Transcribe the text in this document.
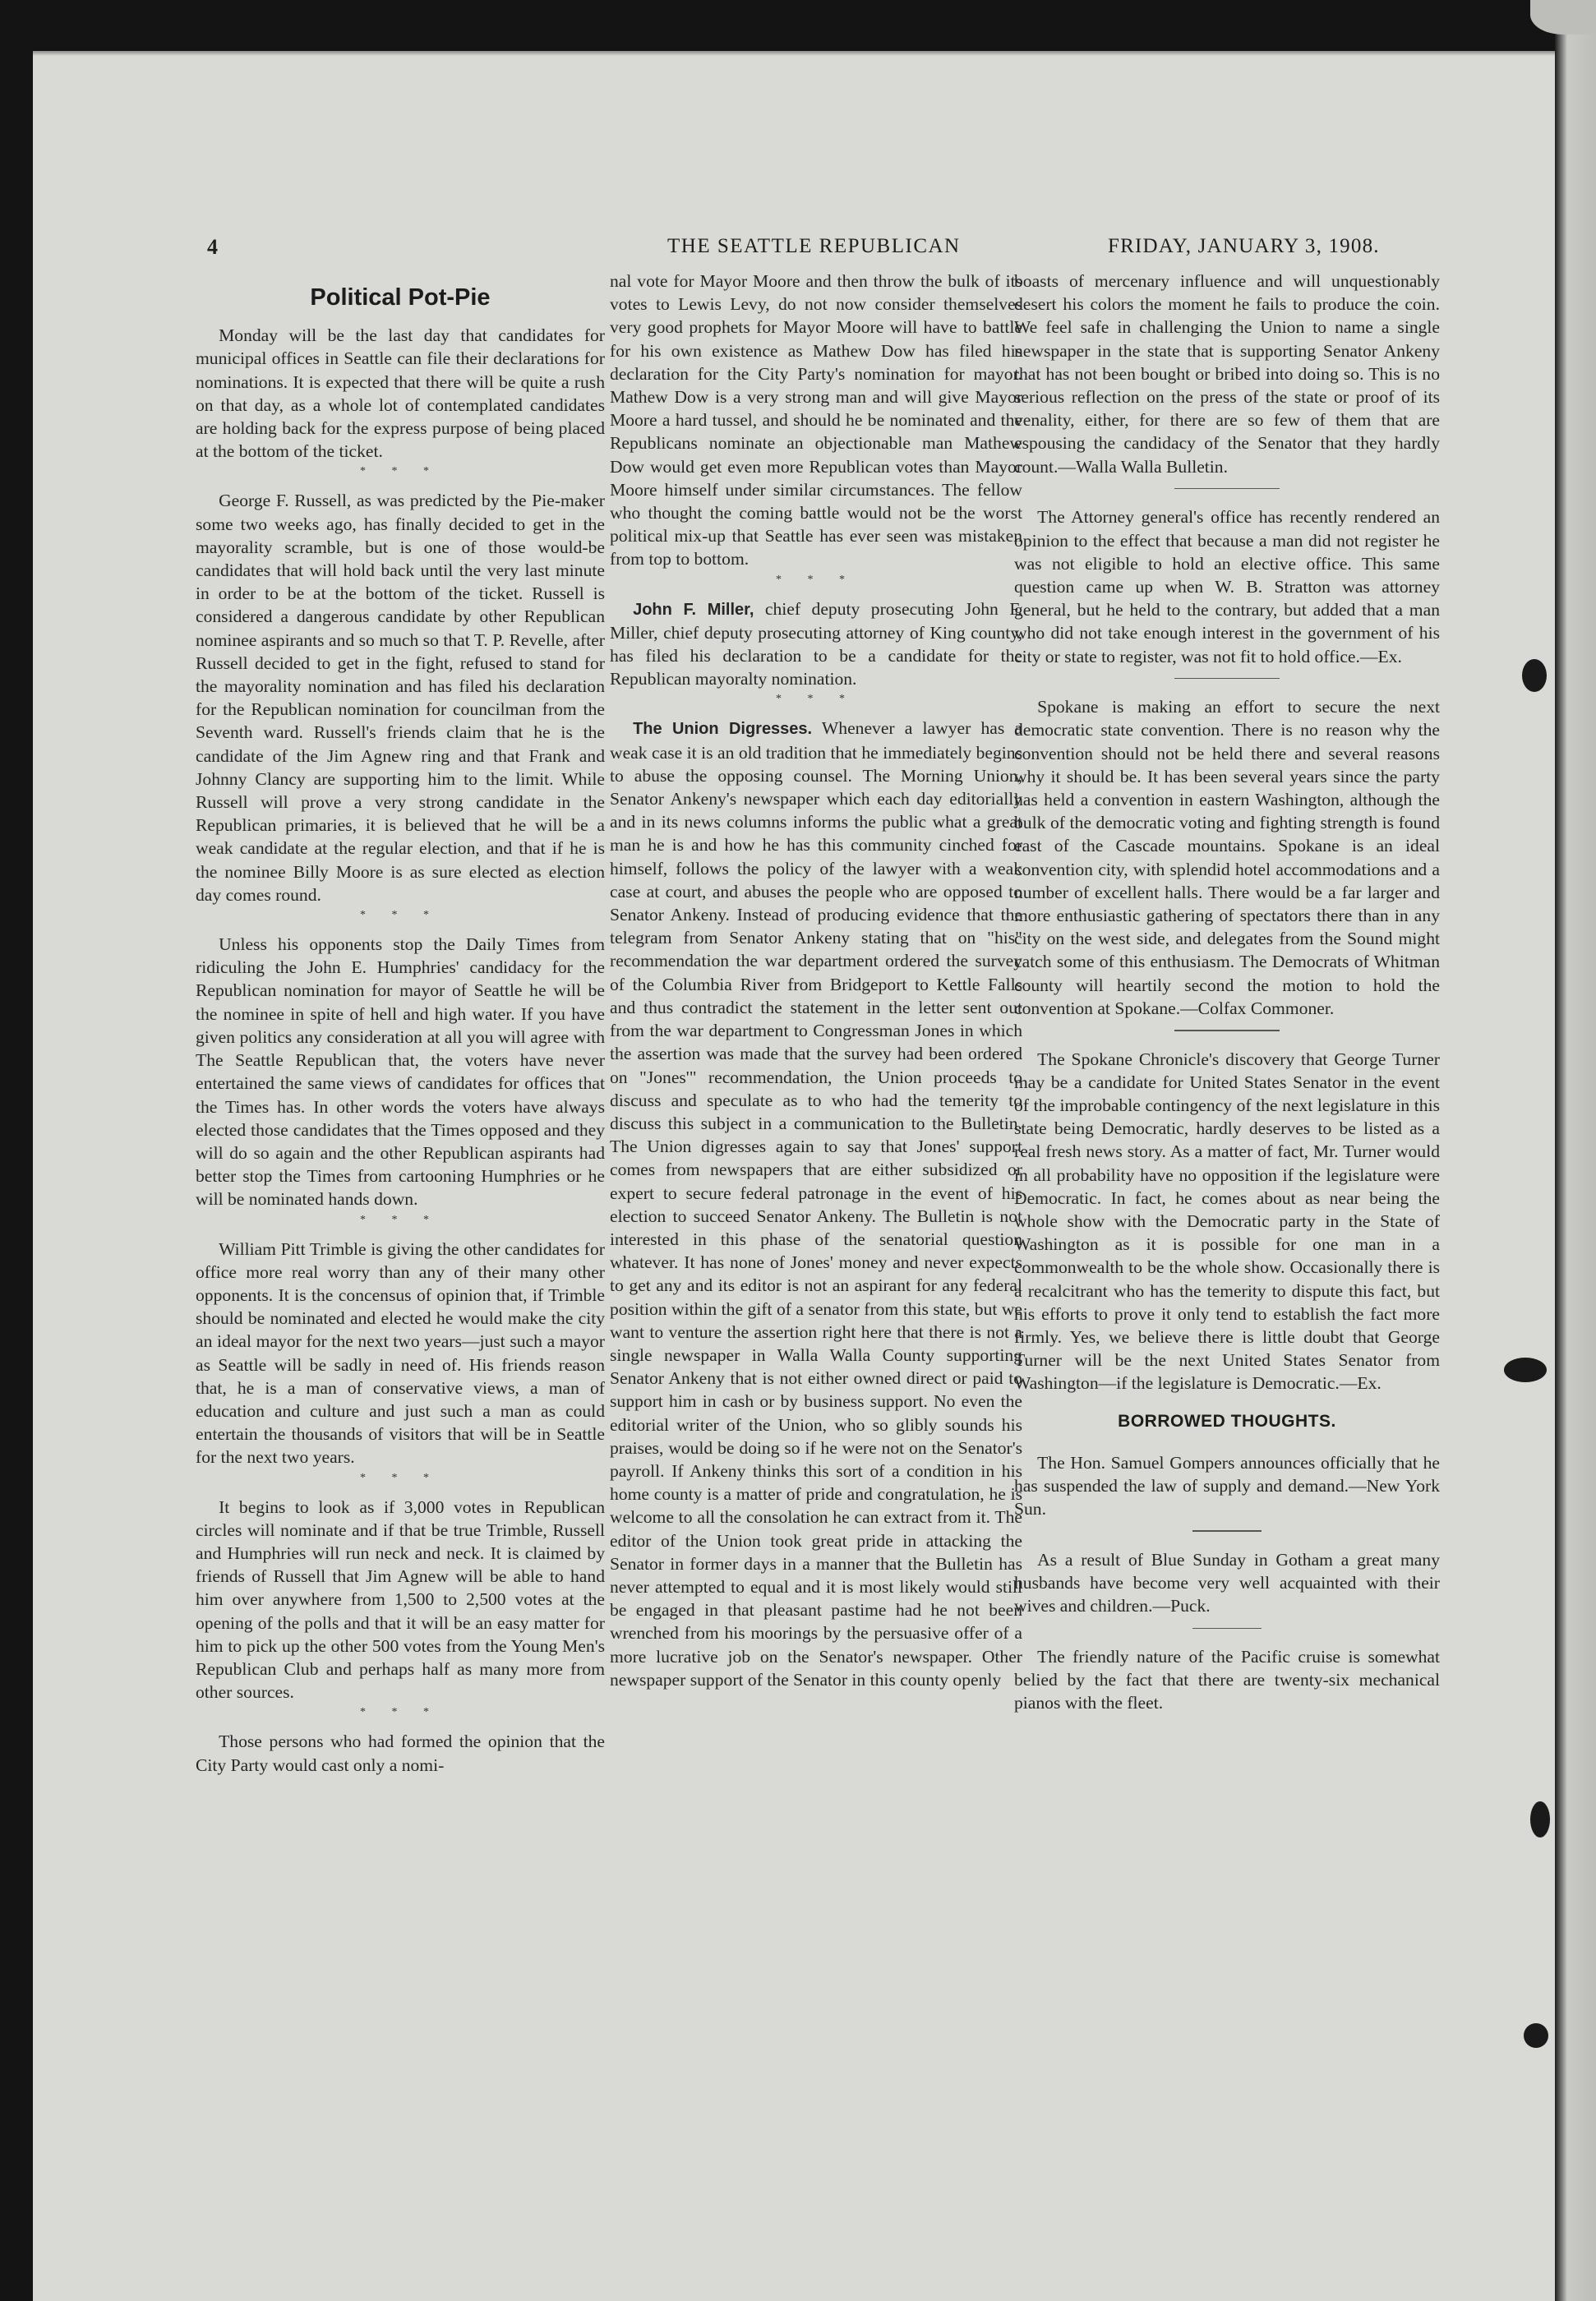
4	THE SEATTLE REPUBLICAN	FRIDAY, JANUARY 3, 1908.
Political Pot-Pie

Monday will be the last day that candidates for municipal offices in Seattle can file their declarations for nominations. It is expected that there will be quite a rush on that day, as a whole lot of contemplated candidates are holding back for the express purpose of being placed at the bottom of the ticket.

* * *

George F. Russell, as was predicted by the Pie-maker some two weeks ago, has finally decided to get in the mayorality scramble, but is one of those would-be candidates that will hold back until the very last minute in order to be at the bottom of the ticket. Russell is considered a dangerous candidate by other Republican nominee aspirants and so much so that T. P. Revelle, after Russell decided to get in the fight, refused to stand for the mayorality nomination and has filed his declaration for the Republican nomination for councilman from the Seventh ward. Russell's friends claim that he is the candidate of the Jim Agnew ring and that Frank and Johnny Clancy are supporting him to the limit. While Russell will prove a very strong candidate in the Republican primaries, it is believed that he will be a weak candidate at the regular election, and that if he is the nominee Billy Moore is as sure elected as election day comes round.

* * *

Unless his opponents stop the Daily Times from ridiculing the John E. Humphries' candidacy for the Republican nomination for mayor of Seattle he will be the nominee in spite of hell and high water. If you have given politics any consideration at all you will agree with The Seattle Republican that, the voters have never entertained the same views of candidates for offices that the Times has. In other words the voters have always elected those candidates that the Times opposed and they will do so again and the other Republican aspirants had better stop the Times from cartooning Humphries or he will be nominated hands down.

* * *

William Pitt Trimble is giving the other candidates for office more real worry than any of their many other opponents. It is the concensus of opinion that, if Trimble should be nominated and elected he would make the city an ideal mayor for the next two years—just such a mayor as Seattle will be sadly in need of. His friends reason that, he is a man of conservative views, a man of education and culture and just such a man as could entertain the thousands of visitors that will be in Seattle for the next two years.

* * *

It begins to look as if 3,000 votes in Republican circles will nominate and if that be true Trimble, Russell and Humphries will run neck and neck. It is claimed by friends of Russell that Jim Agnew will be able to hand him over anywhere from 1,500 to 2,500 votes at the opening of the polls and that it will be an easy matter for him to pick up the other 500 votes from the Young Men's Republican Club and perhaps half as many more from other sources.

* * *

Those persons who had formed the opinion that the City Party would cast only a nomi-

nal vote for Mayor Moore and then throw the bulk of its votes to Lewis Levy, do not now consider themselves very good prophets for Mayor Moore will have to battle for his own existence as Mathew Dow has filed his declaration for the City Party's nomination for mayor. Mathew Dow is a very strong man and will give Mayor Moore a hard tussel, and should he be nominated and the Republicans nominate an objectionable man Mathew Dow would get even more Republican votes than Mayor Moore himself under similar circumstances. The fellow who thought the coming battle would not be the worst political mix-up that Seattle has ever seen was mistaken from top to bottom.

* * *

John F. Miller, chief deputy prosecuting John F. Miller, chief deputy prosecuting attorney of King county, has filed his declaration to be a candidate for the Republican mayoralty nomination.

* * *

The Union Digresses. Whenever a lawyer has a weak case it is an old tradition that he immediately begins to abuse the opposing counsel. The Morning Union, Senator Ankeny's newspaper which each day editorially and in its news columns informs the public what a great man he is and how he has this community cinched for himself, follows the policy of the lawyer with a weak case at court, and abuses the people who are opposed to Senator Ankeny. Instead of producing evidence that the telegram from Senator Ankeny stating that on "his" recommendation the war department ordered the survey of the Columbia River from Bridgeport to Kettle Falls and thus contradict the statement in the letter sent out from the war department to Congressman Jones in which the assertion was made that the survey had been ordered on "Jones'" recommendation, the Union proceeds to discuss and speculate as to who had the temerity to discuss this subject in a communication to the Bulletin. The Union digresses again to say that Jones' support comes from newspapers that are either subsidized or expert to secure federal patronage in the event of his election to succeed Senator Ankeny. The Bulletin is not interested in this phase of the senatorial question whatever. It has none of Jones' money and never expects to get any and its editor is not an aspirant for any federal position within the gift of a senator from this state, but we want to venture the assertion right here that there is not a single newspaper in Walla Walla County supporting Senator Ankeny that is not either owned direct or paid to support him in cash or by business support. No even the editorial writer of the Union, who so glibly sounds his praises, would be doing so if he were not on the Senator's payroll. If Ankeny thinks this sort of a condition in his home county is a matter of pride and congratulation, he is welcome to all the consolation he can extract from it. The editor of the Union took great pride in attacking the Senator in former days in a manner that the Bulletin has never attempted to equal and it is most likely would still be engaged in that pleasant pastime had he not been wrenched from his moorings by the persuasive offer of a more lucrative job on the Senator's newspaper. Other newspaper support of the Senator in this county openly

boasts of mercenary influence and will unquestionably desert his colors the moment he fails to produce the coin. We feel safe in challenging the Union to name a single newspaper in the state that is supporting Senator Ankeny that has not been bought or bribed into doing so. This is no serious reflection on the press of the state or proof of its venality, either, for there are so few of them that are espousing the candidacy of the Senator that they hardly count.—Walla Walla Bulletin.

The Attorney general's office has recently rendered an opinion to the effect that because a man did not register he was not eligible to hold an elective office. This same question came up when W. B. Stratton was attorney general, but he held to the contrary, but added that a man who did not take enough interest in the government of his city or state to register, was not fit to hold office.—Ex.

Spokane is making an effort to secure the next democratic state convention. There is no reason why the convention should not be held there and several reasons why it should be. It has been several years since the party has held a convention in eastern Washington, although the bulk of the democratic voting and fighting strength is found east of the Cascade mountains. Spokane is an ideal convention city, with splendid hotel accommodations and a number of excellent halls. There would be a far larger and more enthusiastic gathering of spectators there than in any city on the west side, and delegates from the Sound might catch some of this enthusiasm. The Democrats of Whitman county will heartily second the motion to hold the convention at Spokane.—Colfax Commoner.

The Spokane Chronicle's discovery that George Turner may be a candidate for United States Senator in the event of the improbable contingency of the next legislature in this state being Democratic, hardly deserves to be listed as a real fresh news story. As a matter of fact, Mr. Turner would in all probability have no opposition if the legislature were Democratic. In fact, he comes about as near being the whole show with the Democratic party in the State of Washington as it is possible for one man in a commonwealth to be the whole show. Occasionally there is a recalcitrant who has the temerity to dispute this fact, but his efforts to prove it only tend to establish the fact more firmly. Yes, we believe there is little doubt that George Turner will be the next United States Senator from Washington—if the legislature is Democratic.—Ex.

BORROWED THOUGHTS.

The Hon. Samuel Gompers announces officially that he has suspended the law of supply and demand.—New York Sun.

As a result of Blue Sunday in Gotham a great many husbands have become very well acquainted with their wives and children.—Puck.

The friendly nature of the Pacific cruise is somewhat belied by the fact that there are twenty-six mechanical pianos with the fleet.
